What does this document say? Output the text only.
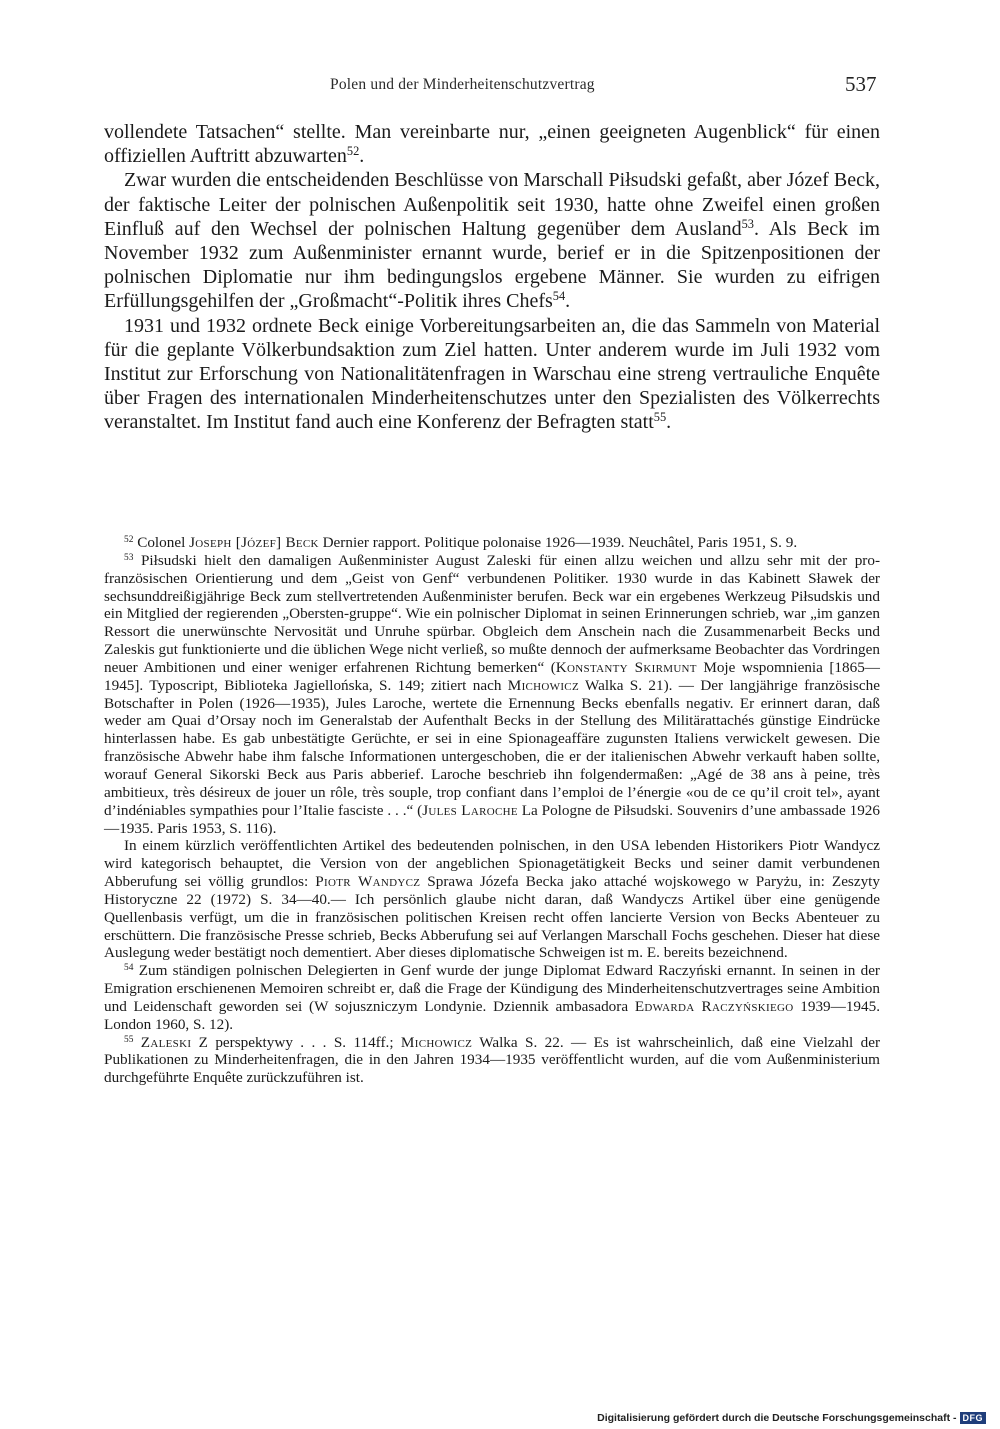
Polen und der Minderheitenschutzvertrag	537

vollendete Tatsachen“ stellte. Man vereinbarte nur, „einen geeigneten Augenblick“ für einen offiziellen Auftritt abzuwarten$^{52}$.

Zwar wurden die entscheidenden Beschlüsse von Marschall Piłsudski gefaßt, aber Józef Beck, der faktische Leiter der polnischen Außenpolitik seit 1930, hatte ohne Zweifel einen großen Einfluß auf den Wechsel der polnischen Haltung gegenüber dem Ausland$^{53}$. Als Beck im November 1932 zum Außenminister ernannt wurde, berief er in die Spitzenpositionen der polnischen Diplomatie nur ihm bedingungslos ergebene Männer. Sie wurden zu eifrigen Erfüllungsgehilfen der „Großmacht“-Politik ihres Chefs$^{54}$.

1931 und 1932 ordnete Beck einige Vorbereitungsarbeiten an, die das Sammeln von Material für die geplante Völkerbundsaktion zum Ziel hatten. Unter anderem wurde im Juli 1932 vom Institut zur Erforschung von Nationalitätenfragen in Warschau eine streng vertrauliche Enquête über Fragen des internationalen Minderheitenschutzes unter den Spezialisten des Völkerrechts veranstaltet. Im Institut fand auch eine Konferenz der Befragten statt$^{55}$.

$^{52}$ Colonel Joseph [Józef] Beck Dernier rapport. Politique polonaise 1926—1939. Neuchâtel, Paris 1951, S. 9.

$^{53}$ Piłsudski hielt den damaligen Außenminister August Zaleski für einen allzu weichen und allzu sehr mit der pro-französischen Orientierung und dem „Geist von Genf“ verbundenen Politiker. 1930 wurde in das Kabinett Sławek der sechsunddreißigjährige Beck zum stellvertretenden Außenminister berufen. Beck war ein ergebenes Werkzeug Piłsudskis und ein Mitglied der regierenden „Obersten-gruppe“. Wie ein polnischer Diplomat in seinen Erinnerungen schrieb, war „im ganzen Ressort die unerwünschte Nervosität und Unruhe spürbar. Obgleich dem Anschein nach die Zusammenarbeit Becks und Zaleskis gut funktionierte und die üblichen Wege nicht verließ, so mußte dennoch der aufmerksame Beobachter das Vordringen neuer Ambitionen und einer weniger erfahrenen Richtung bemerken“ (Konstanty Skirmunt Moje wspomnienia [1865—1945]. Typoscript, Biblioteka Jagiellońska, S. 149; zitiert nach Michowicz Walka S. 21). — Der langjährige französische Botschafter in Polen (1926—1935), Jules Laroche, wertete die Ernennung Becks ebenfalls negativ. Er erinnert daran, daß weder am Quai d’Orsay noch im Generalstab der Aufenthalt Becks in der Stellung des Militärattachés günstige Eindrücke hinterlassen habe. Es gab unbestätigte Gerüchte, er sei in eine Spionageaffäre zugunsten Italiens verwickelt gewesen. Die französische Abwehr habe ihm falsche Informationen untergeschoben, die er der italienischen Abwehr verkauft haben sollte, worauf General Sikorski Beck aus Paris abberief. Laroche beschrieb ihn folgendermaßen: „Agé de 38 ans à peine, très ambitieux, très désireux de jouer un rôle, très souple, trop confiant dans l’emploi de l’énergie «ou de ce qu’il croit tel», ayant d’indéniables sympathies pour l’Italie fasciste . . .“ (Jules Laroche La Pologne de Piłsudski. Souvenirs d’une ambassade 1926—1935. Paris 1953, S. 116).

In einem kürzlich veröffentlichten Artikel des bedeutenden polnischen, in den USA lebenden Historikers Piotr Wandycz wird kategorisch behauptet, die Version von der angeblichen Spionagetätigkeit Becks und seiner damit verbundenen Abberufung sei völlig grundlos: Piotr Wandycz Sprawa Józefa Becka jako attaché wojskowego w Paryżu, in: Zeszyty Historyczne 22 (1972) S. 34—40.— Ich persönlich glaube nicht daran, daß Wandyczs Artikel über eine genügende Quellenbasis verfügt, um die in französischen politischen Kreisen recht offen lancierte Version von Becks Abenteuer zu erschüttern. Die französische Presse schrieb, Becks Abberufung sei auf Verlangen Marschall Fochs geschehen. Dieser hat diese Auslegung weder bestätigt noch dementiert. Aber dieses diplomatische Schweigen ist m. E. bereits bezeichnend.

$^{54}$ Zum ständigen polnischen Delegierten in Genf wurde der junge Diplomat Edward Raczyński ernannt. In seinen in der Emigration erschienenen Memoiren schreibt er, daß die Frage der Kündigung des Minderheitenschutzvertrages seine Ambition und Leidenschaft geworden sei (W sojuszniczym Londynie. Dziennik ambasadora Edwarda Raczyńskiego 1939—1945. London 1960, S. 12).

$^{55}$ Zaleski Z perspektywy . . . S. 114ff.; Michowicz Walka S. 22. — Es ist wahrscheinlich, daß eine Vielzahl der Publikationen zu Minderheitenfragen, die in den Jahren 1934—1935 veröffentlicht wurden, auf die vom Außenministerium durchgeführte Enquête zurückzuführen ist.

Digitalisierung gefördert durch die Deutsche Forschungsgemeinschaft - DFG
